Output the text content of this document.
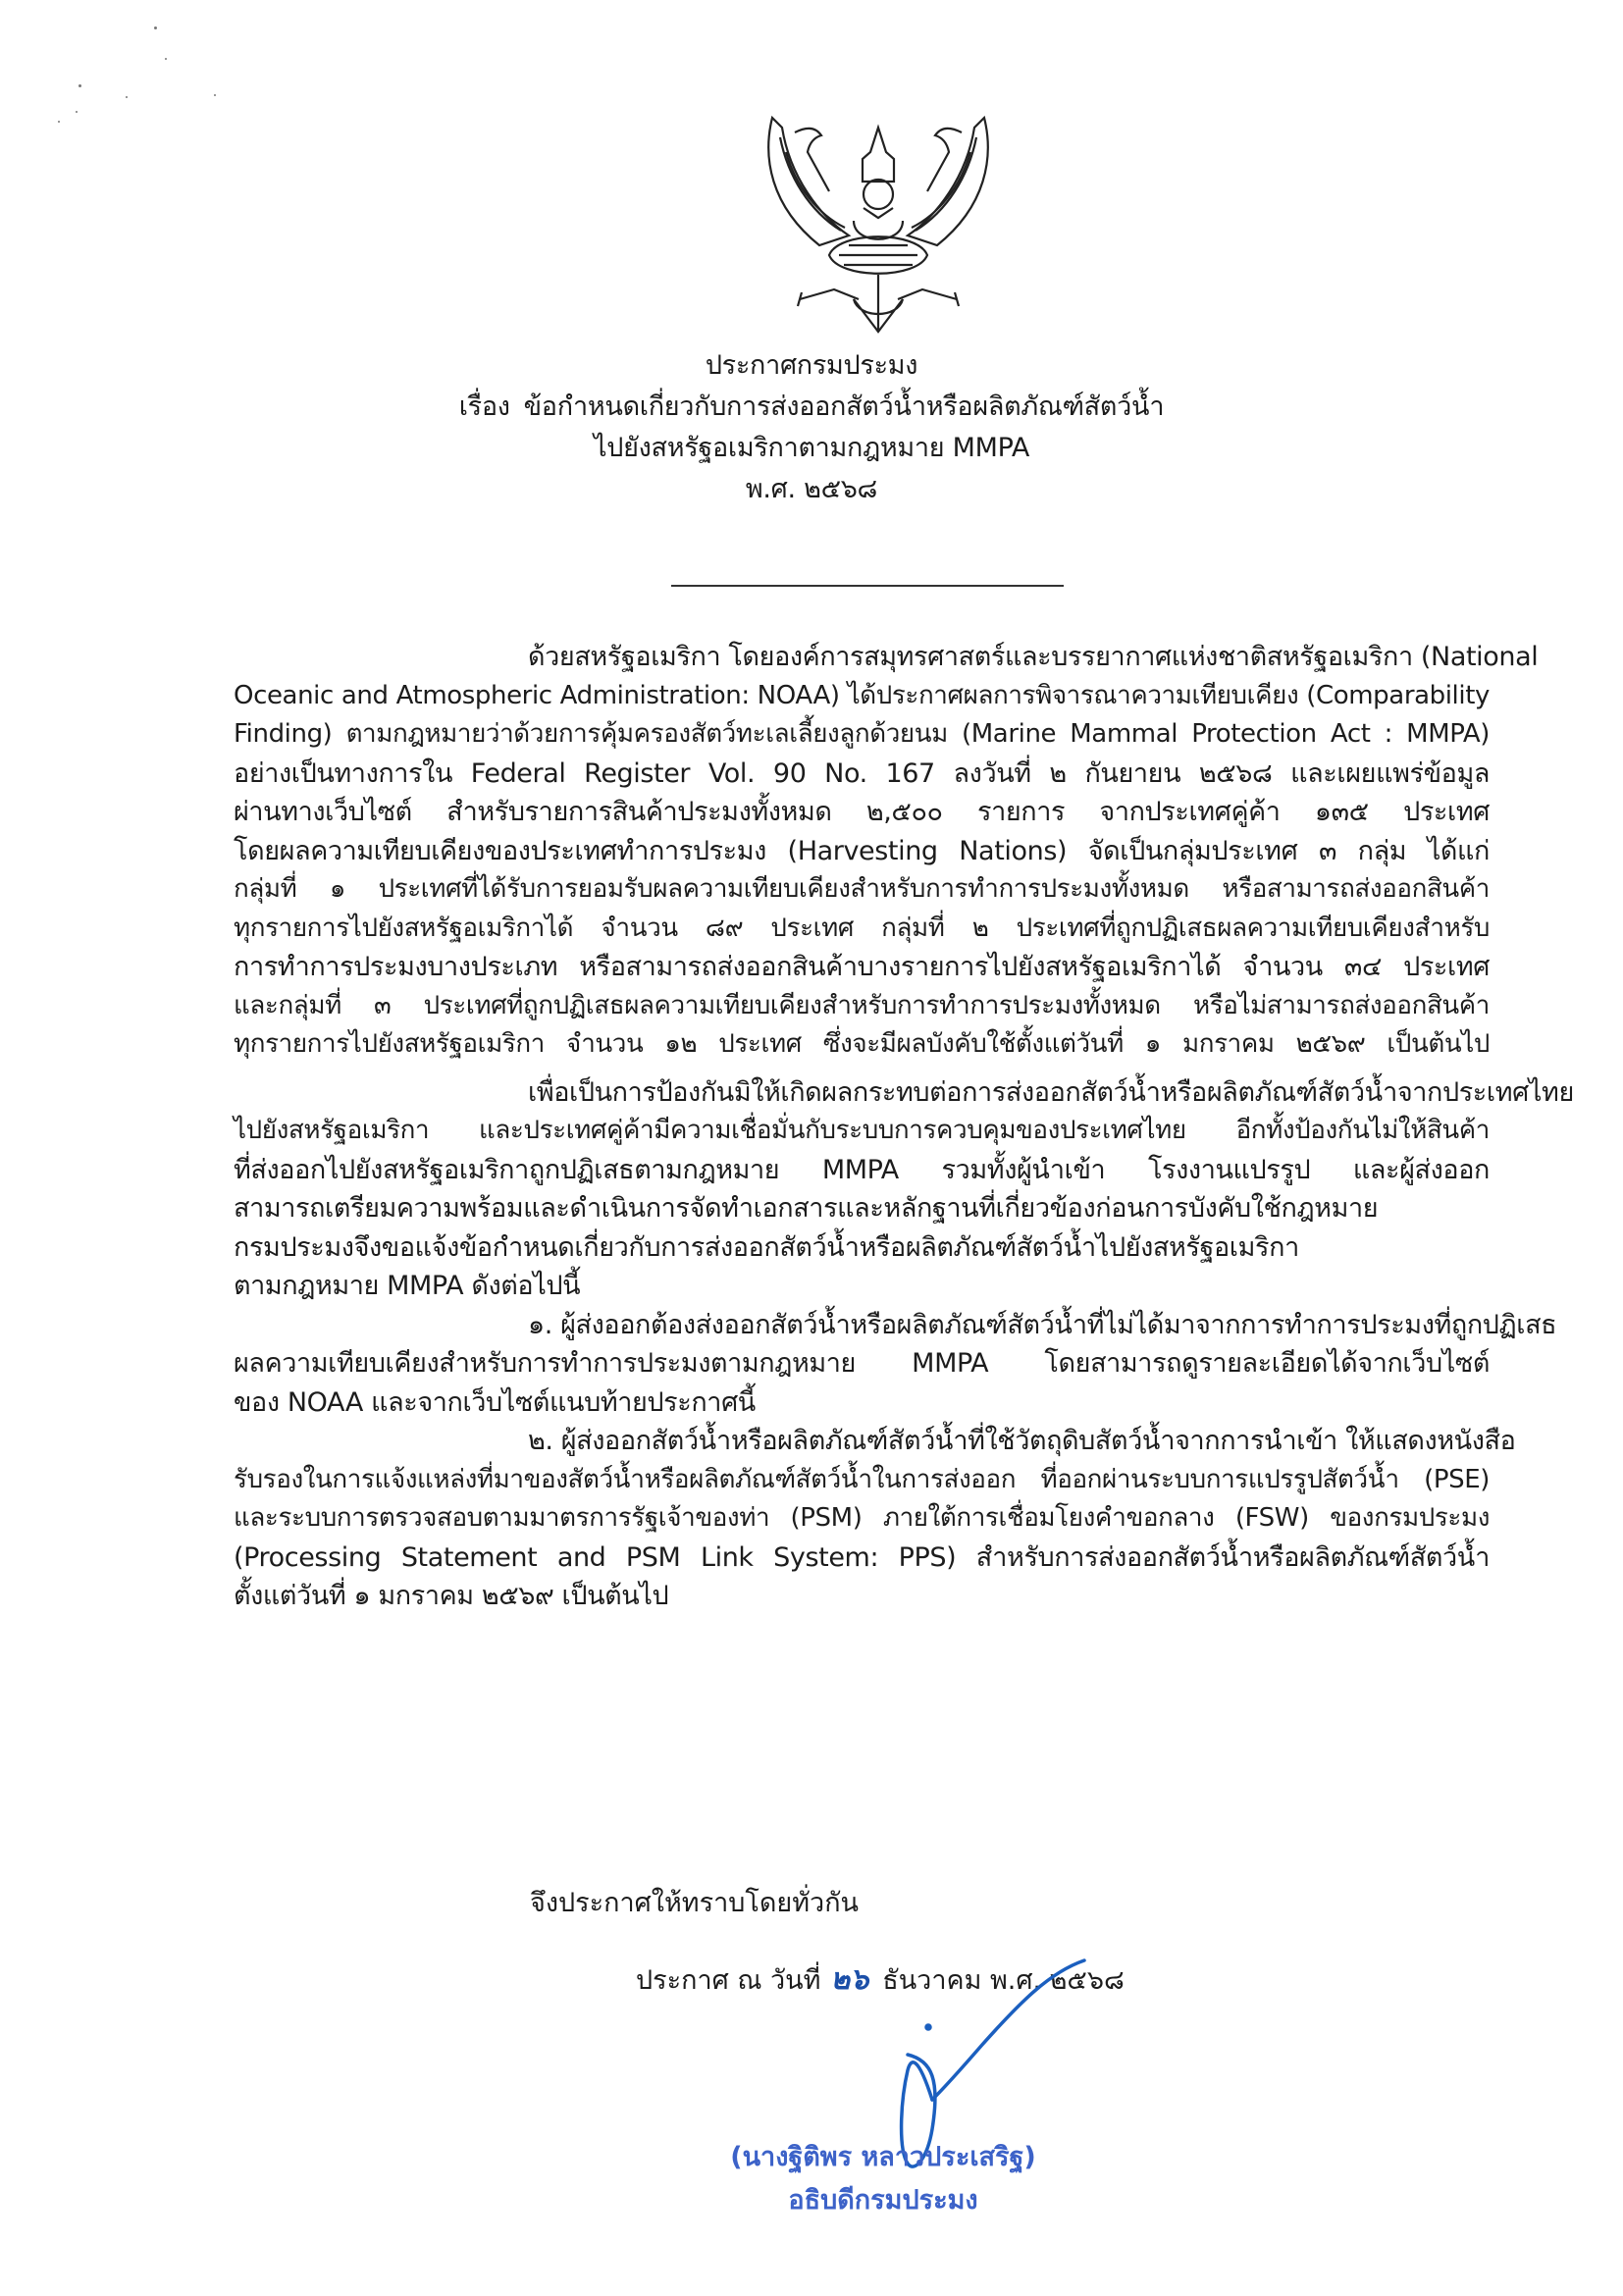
ประกาศกรมประมง
เรื่อง ข้อกำหนดเกี่ยวกับการส่งออกสัตว์น้ำหรือผลิตภัณฑ์สัตว์น้ำ
ไปยังสหรัฐอเมริกาตามกฎหมาย MMPA
พ.ศ. ๒๕๖๘
ด้วยสหรัฐอเมริกา โดยองค์การสมุทรศาสตร์และบรรยากาศแห่งชาติสหรัฐอเมริกา (National
Oceanic and Atmospheric Administration: NOAA) ได้ประกาศผลการพิจารณาความเทียบเคียง (Comparability
Finding) ตามกฎหมายว่าด้วยการคุ้มครองสัตว์ทะเลเลี้ยงลูกด้วยนม (Marine Mammal Protection Act : MMPA)
อย่างเป็นทางการใน Federal Register Vol. 90 No. 167 ลงวันที่ ๒ กันยายน ๒๕๖๘ และเผยแพร่ข้อมูล
ผ่านทางเว็บไซต์ สำหรับรายการสินค้าประมงทั้งหมด ๒,๕๐๐ รายการ จากประเทศคู่ค้า ๑๓๕ ประเทศ
โดยผลความเทียบเคียงของประเทศทำการประมง (Harvesting Nations) จัดเป็นกลุ่มประเทศ ๓ กลุ่ม ได้แก่
กลุ่มที่ ๑ ประเทศที่ได้รับการยอมรับผลความเทียบเคียงสำหรับการทำการประมงทั้งหมด หรือสามารถส่งออกสินค้า
ทุกรายการไปยังสหรัฐอเมริกาได้ จำนวน ๘๙ ประเทศ กลุ่มที่ ๒ ประเทศที่ถูกปฏิเสธผลความเทียบเคียงสำหรับ
การทำการประมงบางประเภท หรือสามารถส่งออกสินค้าบางรายการไปยังสหรัฐอเมริกาได้ จำนวน ๓๔ ประเทศ
และกลุ่มที่ ๓ ประเทศที่ถูกปฏิเสธผลความเทียบเคียงสำหรับการทำการประมงทั้งหมด หรือไม่สามารถส่งออกสินค้า
ทุกรายการไปยังสหรัฐอเมริกา จำนวน ๑๒ ประเทศ ซึ่งจะมีผลบังคับใช้ตั้งแต่วันที่ ๑ มกราคม ๒๕๖๙ เป็นต้นไป
เพื่อเป็นการป้องกันมิให้เกิดผลกระทบต่อการส่งออกสัตว์น้ำหรือผลิตภัณฑ์สัตว์น้ำจากประเทศไทย
ไปยังสหรัฐอเมริกา และประเทศคู่ค้ามีความเชื่อมั่นกับระบบการควบคุมของประเทศไทย อีกทั้งป้องกันไม่ให้สินค้า
ที่ส่งออกไปยังสหรัฐอเมริกาถูกปฏิเสธตามกฎหมาย MMPA รวมทั้งผู้นำเข้า โรงงานแปรรูป และผู้ส่งออก
สามารถเตรียมความพร้อมและดำเนินการจัดทำเอกสารและหลักฐานที่เกี่ยวข้องก่อนการบังคับใช้กฎหมาย
กรมประมงจึงขอแจ้งข้อกำหนดเกี่ยวกับการส่งออกสัตว์น้ำหรือผลิตภัณฑ์สัตว์น้ำไปยังสหรัฐอเมริกา
ตามกฎหมาย MMPA ดังต่อไปนี้
๑. ผู้ส่งออกต้องส่งออกสัตว์น้ำหรือผลิตภัณฑ์สัตว์น้ำที่ไม่ได้มาจากการทำการประมงที่ถูกปฏิเสธ
ผลความเทียบเคียงสำหรับการทำการประมงตามกฎหมาย MMPA โดยสามารถดูรายละเอียดได้จากเว็บไซต์
ของ NOAA และจากเว็บไซต์แนบท้ายประกาศนี้
๒. ผู้ส่งออกสัตว์น้ำหรือผลิตภัณฑ์สัตว์น้ำที่ใช้วัตถุดิบสัตว์น้ำจากการนำเข้า ให้แสดงหนังสือ
รับรองในการแจ้งแหล่งที่มาของสัตว์น้ำหรือผลิตภัณฑ์สัตว์น้ำในการส่งออก ที่ออกผ่านระบบการแปรรูปสัตว์น้ำ (PSE)
และระบบการตรวจสอบตามมาตรการรัฐเจ้าของท่า (PSM) ภายใต้การเชื่อมโยงคำขอกลาง (FSW) ของกรมประมง
(Processing Statement and PSM Link System: PPS) สำหรับการส่งออกสัตว์น้ำหรือผลิตภัณฑ์สัตว์น้ำ
ตั้งแต่วันที่ ๑ มกราคม ๒๕๖๙ เป็นต้นไป
จึงประกาศให้ทราบโดยทั่วกัน
ประกาศ ณ วันที่ ๒๖ ธันวาคม พ.ศ. ๒๕๖๘
(นางฐิติพร หลาวประเสริฐ)
อธิบดีกรมประมง
